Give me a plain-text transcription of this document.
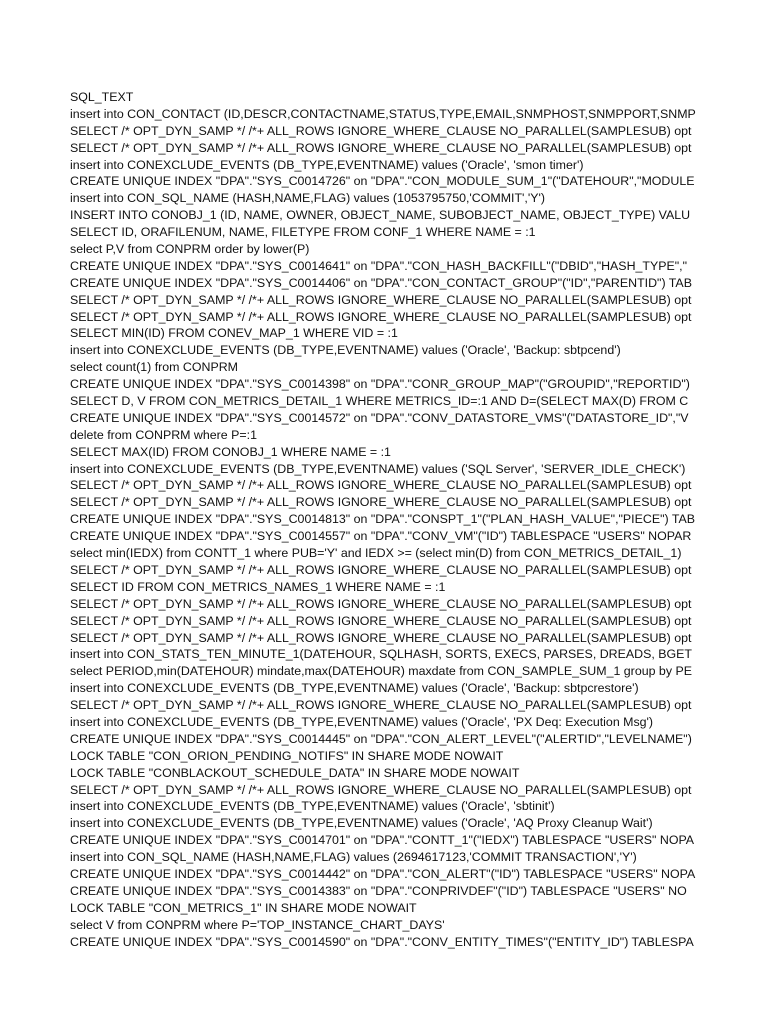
SQL_TEXT
insert into CON_CONTACT (ID,DESCR,CONTACTNAME,STATUS,TYPE,EMAIL,SNMPHOST,SNMPPORT,SNMP
SELECT /* OPT_DYN_SAMP */ /*+ ALL_ROWS IGNORE_WHERE_CLAUSE NO_PARALLEL(SAMPLESUB) opt
SELECT /* OPT_DYN_SAMP */ /*+ ALL_ROWS IGNORE_WHERE_CLAUSE NO_PARALLEL(SAMPLESUB) opt
insert into CONEXCLUDE_EVENTS (DB_TYPE,EVENTNAME) values ('Oracle', 'smon timer')
CREATE UNIQUE INDEX "DPA"."SYS_C0014726" on "DPA"."CON_MODULE_SUM_1"("DATEHOUR","MODULE
insert into CON_SQL_NAME (HASH,NAME,FLAG) values (1053795750,'COMMIT','Y')
INSERT INTO CONOBJ_1 (ID, NAME, OWNER, OBJECT_NAME, SUBOBJECT_NAME, OBJECT_TYPE) VALU
SELECT ID, ORAFILENUM, NAME, FILETYPE FROM CONF_1 WHERE NAME = :1
select P,V from CONPRM order by lower(P)
CREATE UNIQUE INDEX "DPA"."SYS_C0014641" on "DPA"."CON_HASH_BACKFILL"("DBID","HASH_TYPE","
CREATE UNIQUE INDEX "DPA"."SYS_C0014406" on "DPA"."CON_CONTACT_GROUP"("ID","PARENTID") TAB
SELECT /* OPT_DYN_SAMP */ /*+ ALL_ROWS IGNORE_WHERE_CLAUSE NO_PARALLEL(SAMPLESUB) opt
SELECT /* OPT_DYN_SAMP */ /*+ ALL_ROWS IGNORE_WHERE_CLAUSE NO_PARALLEL(SAMPLESUB) opt
SELECT MIN(ID) FROM CONEV_MAP_1 WHERE VID = :1
insert into CONEXCLUDE_EVENTS (DB_TYPE,EVENTNAME) values ('Oracle', 'Backup: sbtpcend')
select count(1) from CONPRM
CREATE UNIQUE INDEX "DPA"."SYS_C0014398" on "DPA"."CONR_GROUP_MAP"("GROUPID","REPORTID")
SELECT D, V FROM CON_METRICS_DETAIL_1 WHERE METRICS_ID=:1 AND D=(SELECT MAX(D) FROM C
CREATE UNIQUE INDEX "DPA"."SYS_C0014572" on "DPA"."CONV_DATASTORE_VMS"("DATASTORE_ID","V
delete from CONPRM where P=:1
SELECT MAX(ID) FROM CONOBJ_1 WHERE NAME = :1
insert into CONEXCLUDE_EVENTS (DB_TYPE,EVENTNAME) values ('SQL Server', 'SERVER_IDLE_CHECK')
SELECT /* OPT_DYN_SAMP */ /*+ ALL_ROWS IGNORE_WHERE_CLAUSE NO_PARALLEL(SAMPLESUB) opt
SELECT /* OPT_DYN_SAMP */ /*+ ALL_ROWS IGNORE_WHERE_CLAUSE NO_PARALLEL(SAMPLESUB) opt
CREATE UNIQUE INDEX "DPA"."SYS_C0014813" on "DPA"."CONSPT_1"("PLAN_HASH_VALUE","PIECE") TAB
CREATE UNIQUE INDEX "DPA"."SYS_C0014557" on "DPA"."CONV_VM"("ID") TABLESPACE "USERS" NOPAR
select min(IEDX) from CONTT_1 where PUB='Y' and IEDX >= (select min(D) from CON_METRICS_DETAIL_1)
SELECT /* OPT_DYN_SAMP */ /*+ ALL_ROWS IGNORE_WHERE_CLAUSE NO_PARALLEL(SAMPLESUB) opt
SELECT ID FROM CON_METRICS_NAMES_1 WHERE NAME = :1
SELECT /* OPT_DYN_SAMP */ /*+ ALL_ROWS IGNORE_WHERE_CLAUSE NO_PARALLEL(SAMPLESUB) opt
SELECT /* OPT_DYN_SAMP */ /*+ ALL_ROWS IGNORE_WHERE_CLAUSE NO_PARALLEL(SAMPLESUB) opt
SELECT /* OPT_DYN_SAMP */ /*+ ALL_ROWS IGNORE_WHERE_CLAUSE NO_PARALLEL(SAMPLESUB) opt
insert into CON_STATS_TEN_MINUTE_1(DATEHOUR, SQLHASH, SORTS, EXECS, PARSES, DREADS, BGET
select PERIOD,min(DATEHOUR) mindate,max(DATEHOUR) maxdate from CON_SAMPLE_SUM_1 group by PE
insert into CONEXCLUDE_EVENTS (DB_TYPE,EVENTNAME) values ('Oracle', 'Backup: sbtpcrestore')
SELECT /* OPT_DYN_SAMP */ /*+ ALL_ROWS IGNORE_WHERE_CLAUSE NO_PARALLEL(SAMPLESUB) opt
insert into CONEXCLUDE_EVENTS (DB_TYPE,EVENTNAME) values ('Oracle', 'PX Deq: Execution Msg')
CREATE UNIQUE INDEX "DPA"."SYS_C0014445" on "DPA"."CON_ALERT_LEVEL"("ALERTID","LEVELNAME")
LOCK TABLE "CON_ORION_PENDING_NOTIFS" IN SHARE MODE NOWAIT
LOCK TABLE "CONBLACKOUT_SCHEDULE_DATA" IN SHARE MODE NOWAIT
SELECT /* OPT_DYN_SAMP */ /*+ ALL_ROWS IGNORE_WHERE_CLAUSE NO_PARALLEL(SAMPLESUB) opt
insert into CONEXCLUDE_EVENTS (DB_TYPE,EVENTNAME) values ('Oracle', 'sbtinit')
insert into CONEXCLUDE_EVENTS (DB_TYPE,EVENTNAME) values ('Oracle', 'AQ Proxy Cleanup Wait')
CREATE UNIQUE INDEX "DPA"."SYS_C0014701" on "DPA"."CONTT_1"("IEDX") TABLESPACE "USERS" NOPA
insert into CON_SQL_NAME (HASH,NAME,FLAG) values (2694617123,'COMMIT TRANSACTION','Y')
CREATE UNIQUE INDEX "DPA"."SYS_C0014442" on "DPA"."CON_ALERT"("ID") TABLESPACE "USERS" NOPA
CREATE UNIQUE INDEX "DPA"."SYS_C0014383" on "DPA"."CONPRIVDEF"("ID") TABLESPACE "USERS" NO
LOCK TABLE "CON_METRICS_1" IN SHARE MODE NOWAIT
select V from CONPRM where P='TOP_INSTANCE_CHART_DAYS'
CREATE UNIQUE INDEX "DPA"."SYS_C0014590" on "DPA"."CONV_ENTITY_TIMES"("ENTITY_ID") TABLESPA
